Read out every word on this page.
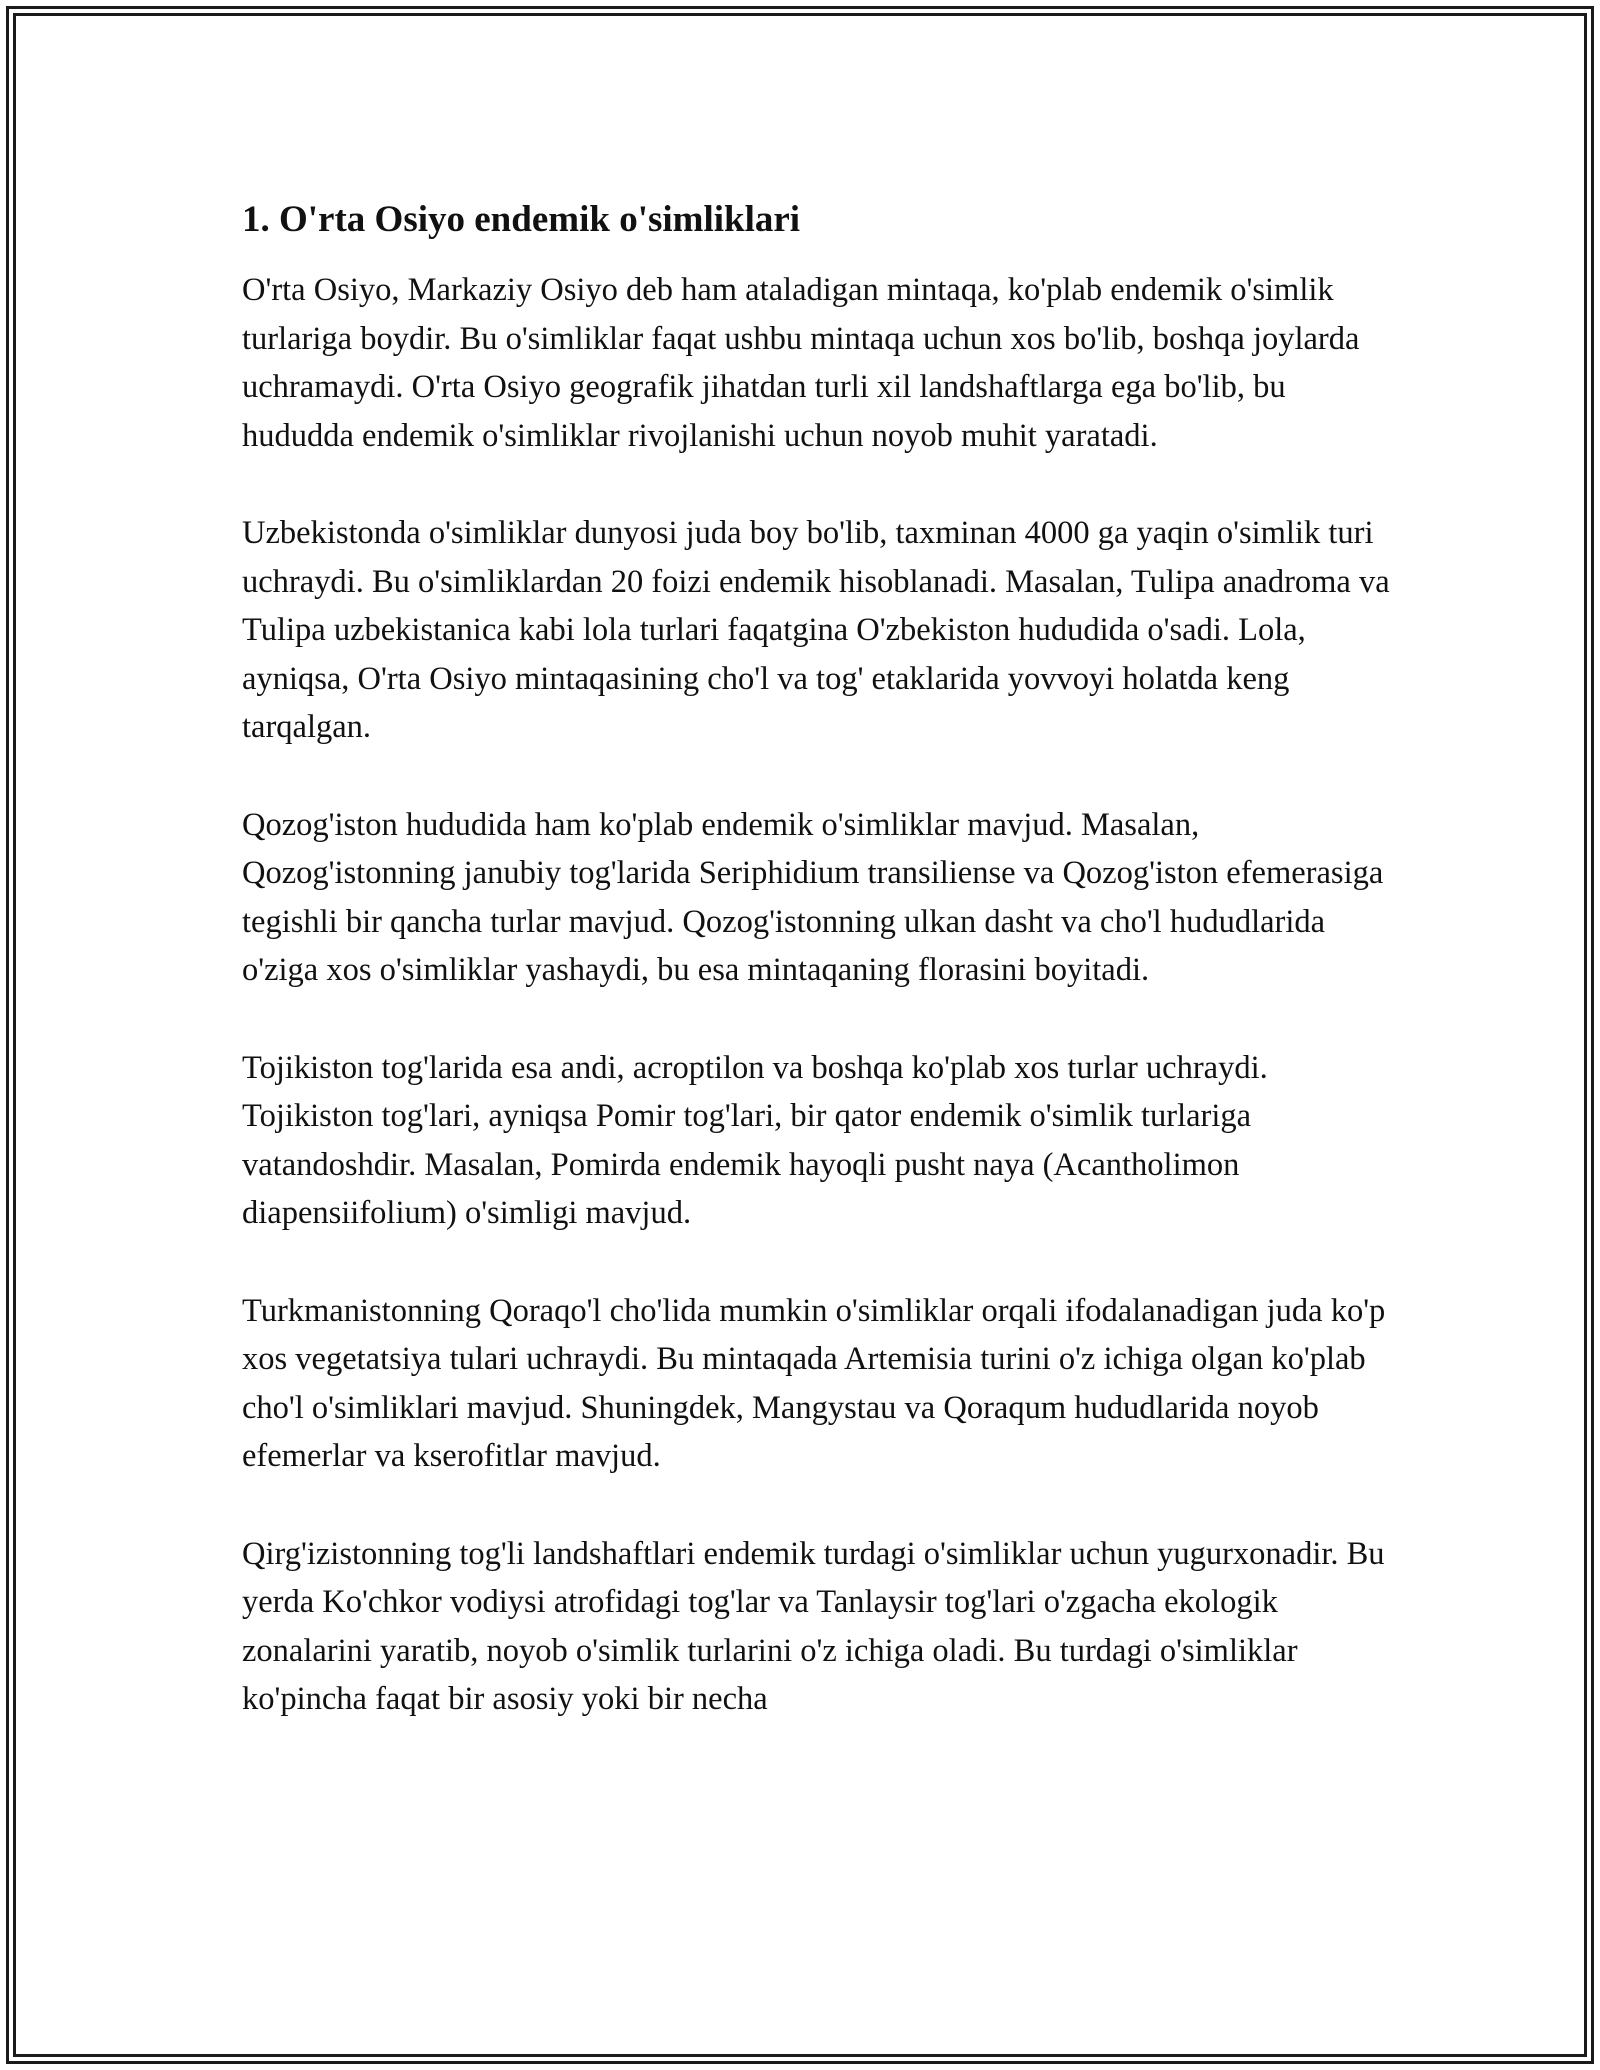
1. O'rta Osiyo endemik o'simliklari

O'rta Osiyo, Markaziy Osiyo deb ham ataladigan mintaqa, ko'plab endemik o'simlik turlariga boydir. Bu o'simliklar faqat ushbu mintaqa uchun xos bo'lib, boshqa joylarda uchramaydi. O'rta Osiyo geografik jihatdan turli xil landshaftlarga ega bo'lib, bu hududda endemik o'simliklar rivojlanishi uchun noyob muhit yaratadi.

Uzbekistonda o'simliklar dunyosi juda boy bo'lib, taxminan 4000 ga yaqin o'simlik turi uchraydi. Bu o'simliklardan 20 foizi endemik hisoblanadi. Masalan, Tulipa anadroma va Tulipa uzbekistanica kabi lola turlari faqatgina O'zbekiston hududida o'sadi. Lola, ayniqsa, O'rta Osiyo mintaqasining cho'l va tog' etaklarida yovvoyi holatda keng tarqalgan.

Qozog'iston hududida ham ko'plab endemik o'simliklar mavjud. Masalan, Qozog'istonning janubiy tog'larida Seriphidium transiliense va Qozog'iston efemerasiga tegishli bir qancha turlar mavjud. Qozog'istonning ulkan dasht va cho'l hududlarida o'ziga xos o'simliklar yashaydi, bu esa mintaqaning florasini boyitadi.

Tojikiston tog'larida esa andi, acroptilon va boshqa ko'plab xos turlar uchraydi. Tojikiston tog'lari, ayniqsa Pomir tog'lari, bir qator endemik o'simlik turlariga vatandoshdir. Masalan, Pomirda endemik hayoqli pusht naya (Acantholimon diapensiifolium) o'simligi mavjud.

Turkmanistonning Qoraqo'l cho'lida mumkin o'simliklar orqali ifodalanadigan juda ko'p xos vegetatsiya tulari uchraydi. Bu mintaqada Artemisia turini o'z ichiga olgan ko'plab cho'l o'simliklari mavjud. Shuningdek, Mangystau va Qoraqum hududlarida noyob efemerlar va kserofitlar mavjud.

Qirg'izistonning tog'li landshaftlari endemik turdagi o'simliklar uchun yugurxonadir. Bu yerda Ko'chkor vodiysi atrofidagi tog'lar va Tanlaysir tog'lari o'zgacha ekologik zonalarini yaratib, noyob o'simlik turlarini o'z ichiga oladi. Bu turdagi o'simliklar ko'pincha faqat bir asosiy yoki bir necha
